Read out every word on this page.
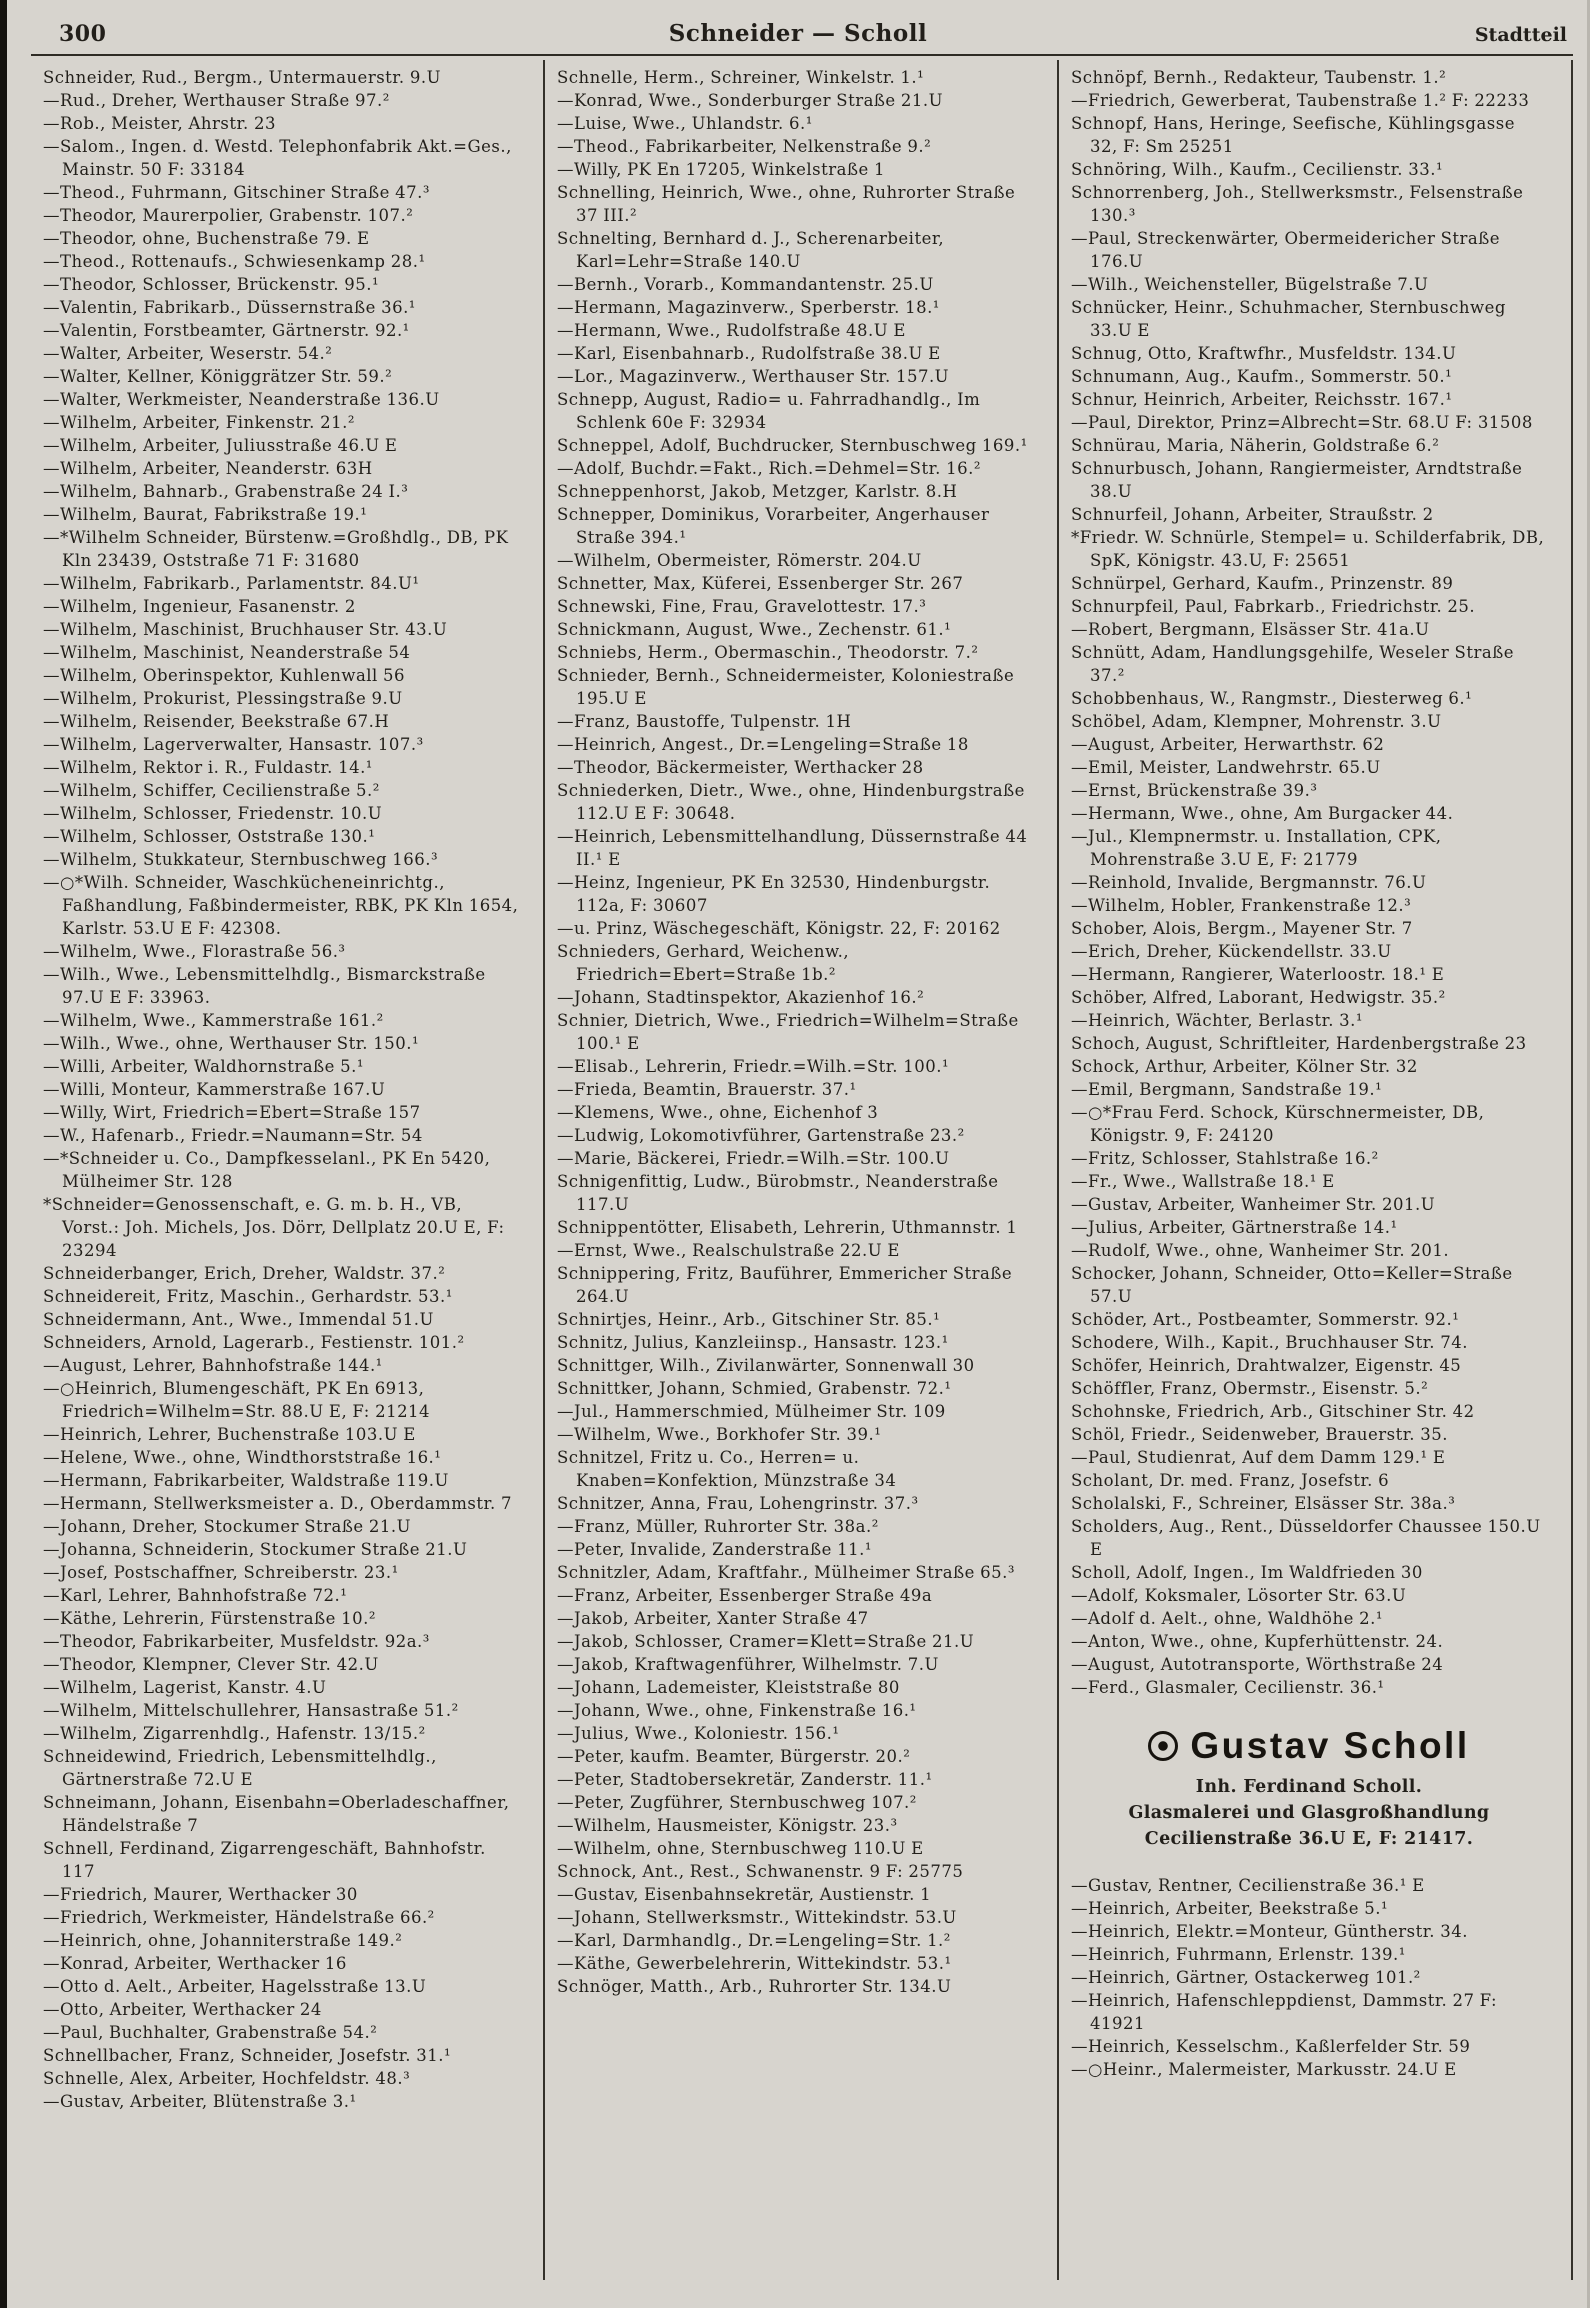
300	Schneider — Scholl	Stadtteil

Schneider, Rud., Bergm., Untermauerstr. 9.U

—Rud., Dreher, Werthauser Straße 97.²

—Rob., Meister, Ahrstr. 23

—Salom., Ingen. d. Westd. Telephonfabrik Akt.=Ges., Mainstr. 50 F: 33184

—Theod., Fuhrmann, Gitschiner Straße 47.³

—Theodor, Maurerpolier, Grabenstr. 107.²

—Theodor, ohne, Buchenstraße 79. E

—Theod., Rottenaufs., Schwiesenkamp 28.¹

—Theodor, Schlosser, Brückenstr. 95.¹

—Valentin, Fabrikarb., Düssernstraße 36.¹

—Valentin, Forstbeamter, Gärtnerstr. 92.¹

—Walter, Arbeiter, Weserstr. 54.²

—Walter, Kellner, Königgrätzer Str. 59.²

—Walter, Werkmeister, Neanderstraße 136.U

—Wilhelm, Arbeiter, Finkenstr. 21.²

—Wilhelm, Arbeiter, Juliusstraße 46.U E

—Wilhelm, Arbeiter, Neanderstr. 63H

—Wilhelm, Bahnarb., Grabenstraße 24 I.³

—Wilhelm, Baurat, Fabrikstraße 19.¹

—*Wilhelm Schneider, Bürstenw.=Großhdlg., DB, PK Kln 23439, Oststraße 71 F: 31680

—Wilhelm, Fabrikarb., Parlamentstr. 84.U¹

—Wilhelm, Ingenieur, Fasanenstr. 2

—Wilhelm, Maschinist, Bruchhauser Str. 43.U

—Wilhelm, Maschinist, Neanderstraße 54

—Wilhelm, Oberinspektor, Kuhlenwall 56

—Wilhelm, Prokurist, Plessingstraße 9.U

—Wilhelm, Reisender, Beekstraße 67.H

—Wilhelm, Lagerverwalter, Hansastr. 107.³

—Wilhelm, Rektor i. R., Fuldastr. 14.¹

—Wilhelm, Schiffer, Cecilienstraße 5.²

—Wilhelm, Schlosser, Friedenstr. 10.U

—Wilhelm, Schlosser, Oststraße 130.¹

—Wilhelm, Stukkateur, Sternbuschweg 166.³

—○*Wilh. Schneider, Waschkücheneinrichtg., Faßhandlung, Faßbindermeister, RBK, PK Kln 1654, Karlstr. 53.U E F: 42308.

—Wilhelm, Wwe., Florastraße 56.³

—Wilh., Wwe., Lebensmittelhdlg., Bismarckstraße 97.U E F: 33963.

—Wilhelm, Wwe., Kammerstraße 161.²

—Wilh., Wwe., ohne, Werthauser Str. 150.¹

—Willi, Arbeiter, Waldhornstraße 5.¹

—Willi, Monteur, Kammerstraße 167.U

—Willy, Wirt, Friedrich=Ebert=Straße 157

—W., Hafenarb., Friedr.=Naumann=Str. 54

—*Schneider u. Co., Dampfkesselanl., PK En 5420, Mülheimer Str. 128

*Schneider=Genossenschaft, e. G. m. b. H., VB, Vorst.: Joh. Michels, Jos. Dörr, Dellplatz 20.U E, F: 23294

Schneiderbanger, Erich, Dreher, Waldstr. 37.²

Schneidereit, Fritz, Maschin., Gerhardstr. 53.¹

Schneidermann, Ant., Wwe., Immendal 51.U

Schneiders, Arnold, Lagerarb., Festienstr. 101.²

—August, Lehrer, Bahnhofstraße 144.¹

—○Heinrich, Blumengeschäft, PK En 6913, Friedrich=Wilhelm=Str. 88.U E, F: 21214

—Heinrich, Lehrer, Buchenstraße 103.U E

—Helene, Wwe., ohne, Windthorststraße 16.¹

—Hermann, Fabrikarbeiter, Waldstraße 119.U

—Hermann, Stellwerksmeister a. D., Oberdammstr. 7

—Johann, Dreher, Stockumer Straße 21.U

—Johanna, Schneiderin, Stockumer Straße 21.U

—Josef, Postschaffner, Schreiberstr. 23.¹

—Karl, Lehrer, Bahnhofstraße 72.¹

—Käthe, Lehrerin, Fürstenstraße 10.²

—Theodor, Fabrikarbeiter, Musfeldstr. 92a.³

—Theodor, Klempner, Clever Str. 42.U

—Wilhelm, Lagerist, Kanstr. 4.U

—Wilhelm, Mittelschullehrer, Hansastraße 51.²

—Wilhelm, Zigarrenhdlg., Hafenstr. 13/15.²

Schneidewind, Friedrich, Lebensmittelhdlg., Gärtnerstraße 72.U E

Schneimann, Johann, Eisenbahn=Oberladeschaffner, Händelstraße 7

Schnell, Ferdinand, Zigarrengeschäft, Bahnhofstr. 117

—Friedrich, Maurer, Werthacker 30

—Friedrich, Werkmeister, Händelstraße 66.²

—Heinrich, ohne, Johanniterstraße 149.²

—Konrad, Arbeiter, Werthacker 16

—Otto d. Aelt., Arbeiter, Hagelsstraße 13.U

—Otto, Arbeiter, Werthacker 24

—Paul, Buchhalter, Grabenstraße 54.²

Schnellbacher, Franz, Schneider, Josefstr. 31.¹

Schnelle, Alex, Arbeiter, Hochfeldstr. 48.³

—Gustav, Arbeiter, Blütenstraße 3.¹

Schnelle, Herm., Schreiner, Winkelstr. 1.¹

—Konrad, Wwe., Sonderburger Straße 21.U

—Luise, Wwe., Uhlandstr. 6.¹

—Theod., Fabrikarbeiter, Nelkenstraße 9.²

—Willy, PK En 17205, Winkelstraße 1

Schnelling, Heinrich, Wwe., ohne, Ruhrorter Straße 37 III.²

Schnelting, Bernhard d. J., Scherenarbeiter, Karl=Lehr=Straße 140.U

—Bernh., Vorarb., Kommandantenstr. 25.U

—Hermann, Magazinverw., Sperberstr. 18.¹

—Hermann, Wwe., Rudolfstraße 48.U E

—Karl, Eisenbahnarb., Rudolfstraße 38.U E

—Lor., Magazinverw., Werthauser Str. 157.U

Schnepp, August, Radio= u. Fahrradhandlg., Im Schlenk 60e F: 32934

Schneppel, Adolf, Buchdrucker, Sternbuschweg 169.¹

—Adolf, Buchdr.=Fakt., Rich.=Dehmel=Str. 16.²

Schneppenhorst, Jakob, Metzger, Karlstr. 8.H

Schnepper, Dominikus, Vorarbeiter, Angerhauser Straße 394.¹

—Wilhelm, Obermeister, Römerstr. 204.U

Schnetter, Max, Küferei, Essenberger Str. 267

Schnewski, Fine, Frau, Gravelottestr. 17.³

Schnickmann, August, Wwe., Zechenstr. 61.¹

Schniebs, Herm., Obermaschin., Theodorstr. 7.²

Schnieder, Bernh., Schneidermeister, Koloniestraße 195.U E

—Franz, Baustoffe, Tulpenstr. 1H

—Heinrich, Angest., Dr.=Lengeling=Straße 18

—Theodor, Bäckermeister, Werthacker 28

Schniederken, Dietr., Wwe., ohne, Hindenburgstraße 112.U E F: 30648.

—Heinrich, Lebensmittelhandlung, Düssernstraße 44 II.¹ E

—Heinz, Ingenieur, PK En 32530, Hindenburgstr. 112a, F: 30607

—u. Prinz, Wäschegeschäft, Königstr. 22, F: 20162

Schnieders, Gerhard, Weichenw., Friedrich=Ebert=Straße 1b.²

—Johann, Stadtinspektor, Akazienhof 16.²

Schnier, Dietrich, Wwe., Friedrich=Wilhelm=Straße 100.¹ E

—Elisab., Lehrerin, Friedr.=Wilh.=Str. 100.¹

—Frieda, Beamtin, Brauerstr. 37.¹

—Klemens, Wwe., ohne, Eichenhof 3

—Ludwig, Lokomotivführer, Gartenstraße 23.²

—Marie, Bäckerei, Friedr.=Wilh.=Str. 100.U

Schnigenfittig, Ludw., Bürobmstr., Neanderstraße 117.U

Schnippentötter, Elisabeth, Lehrerin, Uthmannstr. 1

—Ernst, Wwe., Realschulstraße 22.U E

Schnippering, Fritz, Bauführer, Emmericher Straße 264.U

Schnirtjes, Heinr., Arb., Gitschiner Str. 85.¹

Schnitz, Julius, Kanzleiinsp., Hansastr. 123.¹

Schnittger, Wilh., Zivilanwärter, Sonnenwall 30

Schnittker, Johann, Schmied, Grabenstr. 72.¹

—Jul., Hammerschmied, Mülheimer Str. 109

—Wilhelm, Wwe., Borkhofer Str. 39.¹

Schnitzel, Fritz u. Co., Herren= u. Knaben=Konfektion, Münzstraße 34

Schnitzer, Anna, Frau, Lohengrinstr. 37.³

—Franz, Müller, Ruhrorter Str. 38a.²

—Peter, Invalide, Zanderstraße 11.¹

Schnitzler, Adam, Kraftfahr., Mülheimer Straße 65.³

—Franz, Arbeiter, Essenberger Straße 49a

—Jakob, Arbeiter, Xanter Straße 47

—Jakob, Schlosser, Cramer=Klett=Straße 21.U

—Jakob, Kraftwagenführer, Wilhelmstr. 7.U

—Johann, Lademeister, Kleiststraße 80

—Johann, Wwe., ohne, Finkenstraße 16.¹

—Julius, Wwe., Koloniestr. 156.¹

—Peter, kaufm. Beamter, Bürgerstr. 20.²

—Peter, Stadtobersekretär, Zanderstr. 11.¹

—Peter, Zugführer, Sternbuschweg 107.²

—Wilhelm, Hausmeister, Königstr. 23.³

—Wilhelm, ohne, Sternbuschweg 110.U E

Schnock, Ant., Rest., Schwanenstr. 9 F: 25775

—Gustav, Eisenbahnsekretär, Austienstr. 1

—Johann, Stellwerksmstr., Wittekindstr. 53.U

—Karl, Darmhandlg., Dr.=Lengeling=Str. 1.²

—Käthe, Gewerbelehrerin, Wittekindstr. 53.¹

Schnöger, Matth., Arb., Ruhrorter Str. 134.U

Schnöpf, Bernh., Redakteur, Taubenstr. 1.²

—Friedrich, Gewerberat, Taubenstraße 1.² F: 22233

Schnopf, Hans, Heringe, Seefische, Kühlingsgasse 32, F: Sm 25251

Schnöring, Wilh., Kaufm., Cecilienstr. 33.¹

Schnorrenberg, Joh., Stellwerksmstr., Felsenstraße 130.³

—Paul, Streckenwärter, Obermeidericher Straße 176.U

—Wilh., Weichensteller, Bügelstraße 7.U

Schnücker, Heinr., Schuhmacher, Sternbuschweg 33.U E

Schnug, Otto, Kraftwfhr., Musfeldstr. 134.U

Schnumann, Aug., Kaufm., Sommerstr. 50.¹

Schnur, Heinrich, Arbeiter, Reichsstr. 167.¹

—Paul, Direktor, Prinz=Albrecht=Str. 68.U F: 31508

Schnürau, Maria, Näherin, Goldstraße 6.²

Schnurbusch, Johann, Rangiermeister, Arndtstraße 38.U

Schnurfeil, Johann, Arbeiter, Straußstr. 2

*Friedr. W. Schnürle, Stempel= u. Schilderfabrik, DB, SpK, Königstr. 43.U, F: 25651

Schnürpel, Gerhard, Kaufm., Prinzenstr. 89

Schnurpfeil, Paul, Fabrkarb., Friedrichstr. 25.

—Robert, Bergmann, Elsässer Str. 41a.U

Schnütt, Adam, Handlungsgehilfe, Weseler Straße 37.²

Schobbenhaus, W., Rangmstr., Diesterweg 6.¹

Schöbel, Adam, Klempner, Mohrenstr. 3.U

—August, Arbeiter, Herwarthstr. 62

—Emil, Meister, Landwehrstr. 65.U

—Ernst, Brückenstraße 39.³

—Hermann, Wwe., ohne, Am Burgacker 44.

—Jul., Klempnermstr. u. Installation, CPK, Mohrenstraße 3.U E, F: 21779

—Reinhold, Invalide, Bergmannstr. 76.U

—Wilhelm, Hobler, Frankenstraße 12.³

Schober, Alois, Bergm., Mayener Str. 7

—Erich, Dreher, Kückendellstr. 33.U

—Hermann, Rangierer, Waterloostr. 18.¹ E

Schöber, Alfred, Laborant, Hedwigstr. 35.²

—Heinrich, Wächter, Berlastr. 3.¹

Schoch, August, Schriftleiter, Hardenbergstraße 23

Schock, Arthur, Arbeiter, Kölner Str. 32

—Emil, Bergmann, Sandstraße 19.¹

—○*Frau Ferd. Schock, Kürschnermeister, DB, Königstr. 9, F: 24120

—Fritz, Schlosser, Stahlstraße 16.²

—Fr., Wwe., Wallstraße 18.¹ E

—Gustav, Arbeiter, Wanheimer Str. 201.U

—Julius, Arbeiter, Gärtnerstraße 14.¹

—Rudolf, Wwe., ohne, Wanheimer Str. 201.

Schocker, Johann, Schneider, Otto=Keller=Straße 57.U

Schöder, Art., Postbeamter, Sommerstr. 92.¹

Schodere, Wilh., Kapit., Bruchhauser Str. 74.

Schöfer, Heinrich, Drahtwalzer, Eigenstr. 45

Schöffler, Franz, Obermstr., Eisenstr. 5.²

Schohnske, Friedrich, Arb., Gitschiner Str. 42

Schöl, Friedr., Seidenweber, Brauerstr. 35.

—Paul, Studienrat, Auf dem Damm 129.¹ E

Scholant, Dr. med. Franz, Josefstr. 6

Scholalski, F., Schreiner, Elsässer Str. 38a.³

Scholders, Aug., Rent., Düsseldorfer Chaussee 150.U E

Scholl, Adolf, Ingen., Im Waldfrieden 30

—Adolf, Koksmaler, Lösorter Str. 63.U

—Adolf d. Aelt., ohne, Waldhöhe 2.¹

—Anton, Wwe., ohne, Kupferhüttenstr. 24.

—August, Autotransporte, Wörthstraße 24

—Ferd., Glasmaler, Cecilienstr. 36.¹

Gustav Scholl

Inh. Ferdinand Scholl.

Glasmalerei und Glasgroßhandlung

Cecilienstraße 36.U E, F: 21417.

—Gustav, Rentner, Cecilienstraße 36.¹ E

—Heinrich, Arbeiter, Beekstraße 5.¹

—Heinrich, Elektr.=Monteur, Güntherstr. 34.

—Heinrich, Fuhrmann, Erlenstr. 139.¹

—Heinrich, Gärtner, Ostackerweg 101.²

—Heinrich, Hafenschleppdienst, Dammstr. 27 F: 41921

—Heinrich, Kesselschm., Kaßlerfelder Str. 59

—○Heinr., Malermeister, Markusstr. 24.U E
